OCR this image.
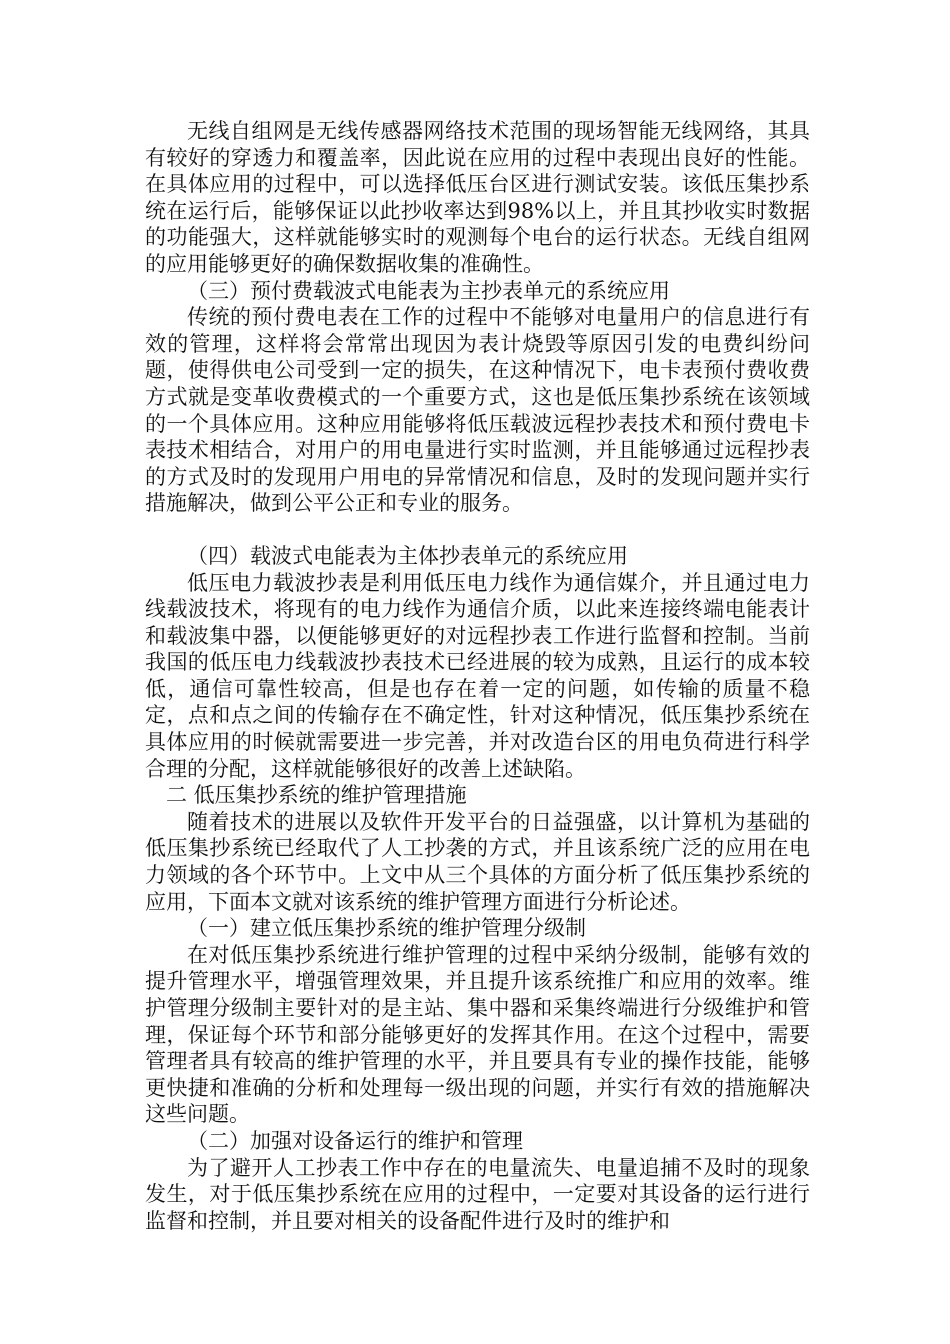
无线自组网是无线传感器网络技术范围的现场智能无线网络，其具有较好的穿透力和覆盖率，因此说在应用的过程中表现出良好的性能。在具体应用的过程中，可以选择低压台区进行测试安装。该低压集抄系统在运行后，能够保证以此抄收率达到98%以上，并且其抄收实时数据的功能强大，这样就能够实时的观测每个电台的运行状态。无线自组网的应用能够更好的确保数据收集的准确性。

（三）预付费载波式电能表为主抄表单元的系统应用

传统的预付费电表在工作的过程中不能够对电量用户的信息进行有效的管理，这样将会常常出现因为表计烧毁等原因引发的电费纠纷问题，使得供电公司受到一定的损失，在这种情况下，电卡表预付费收费方式就是变革收费模式的一个重要方式，这也是低压集抄系统在该领域的一个具体应用。这种应用能够将低压载波远程抄表技术和预付费电卡表技术相结合，对用户的用电量进行实时监测，并且能够通过远程抄表的方式及时的发现用户用电的异常情况和信息，及时的发现问题并实行措施解决，做到公平公正和专业的服务。

（四）载波式电能表为主体抄表单元的系统应用

低压电力载波抄表是利用低压电力线作为通信媒介，并且通过电力线载波技术，将现有的电力线作为通信介质，以此来连接终端电能表计和载波集中器，以便能够更好的对远程抄表工作进行监督和控制。当前我国的低压电力线载波抄表技术已经进展的较为成熟，且运行的成本较低，通信可靠性较高，但是也存在着一定的问题，如传输的质量不稳定，点和点之间的传输存在不确定性，针对这种情况，低压集抄系统在具体应用的时候就需要进一步完善，并对改造台区的用电负荷进行科学合理的分配，这样就能够很好的改善上述缺陷。

二 低压集抄系统的维护管理措施

随着技术的进展以及软件开发平台的日益强盛，以计算机为基础的低压集抄系统已经取代了人工抄袭的方式，并且该系统广泛的应用在电力领域的各个环节中。上文中从三个具体的方面分析了低压集抄系统的应用，下面本文就对该系统的维护管理方面进行分析论述。

（一）建立低压集抄系统的维护管理分级制

在对低压集抄系统进行维护管理的过程中采纳分级制，能够有效的提升管理水平，增强管理效果，并且提升该系统推广和应用的效率。维护管理分级制主要针对的是主站、集中器和采集终端进行分级维护和管理，保证每个环节和部分能够更好的发挥其作用。在这个过程中，需要管理者具有较高的维护管理的水平，并且要具有专业的操作技能，能够更快捷和准确的分析和处理每一级出现的问题，并实行有效的措施解决这些问题。

（二）加强对设备运行的维护和管理

为了避开人工抄表工作中存在的电量流失、电量追捕不及时的现象发生，对于低压集抄系统在应用的过程中，一定要对其设备的运行进行监督和控制，并且要对相关的设备配件进行及时的维护和
